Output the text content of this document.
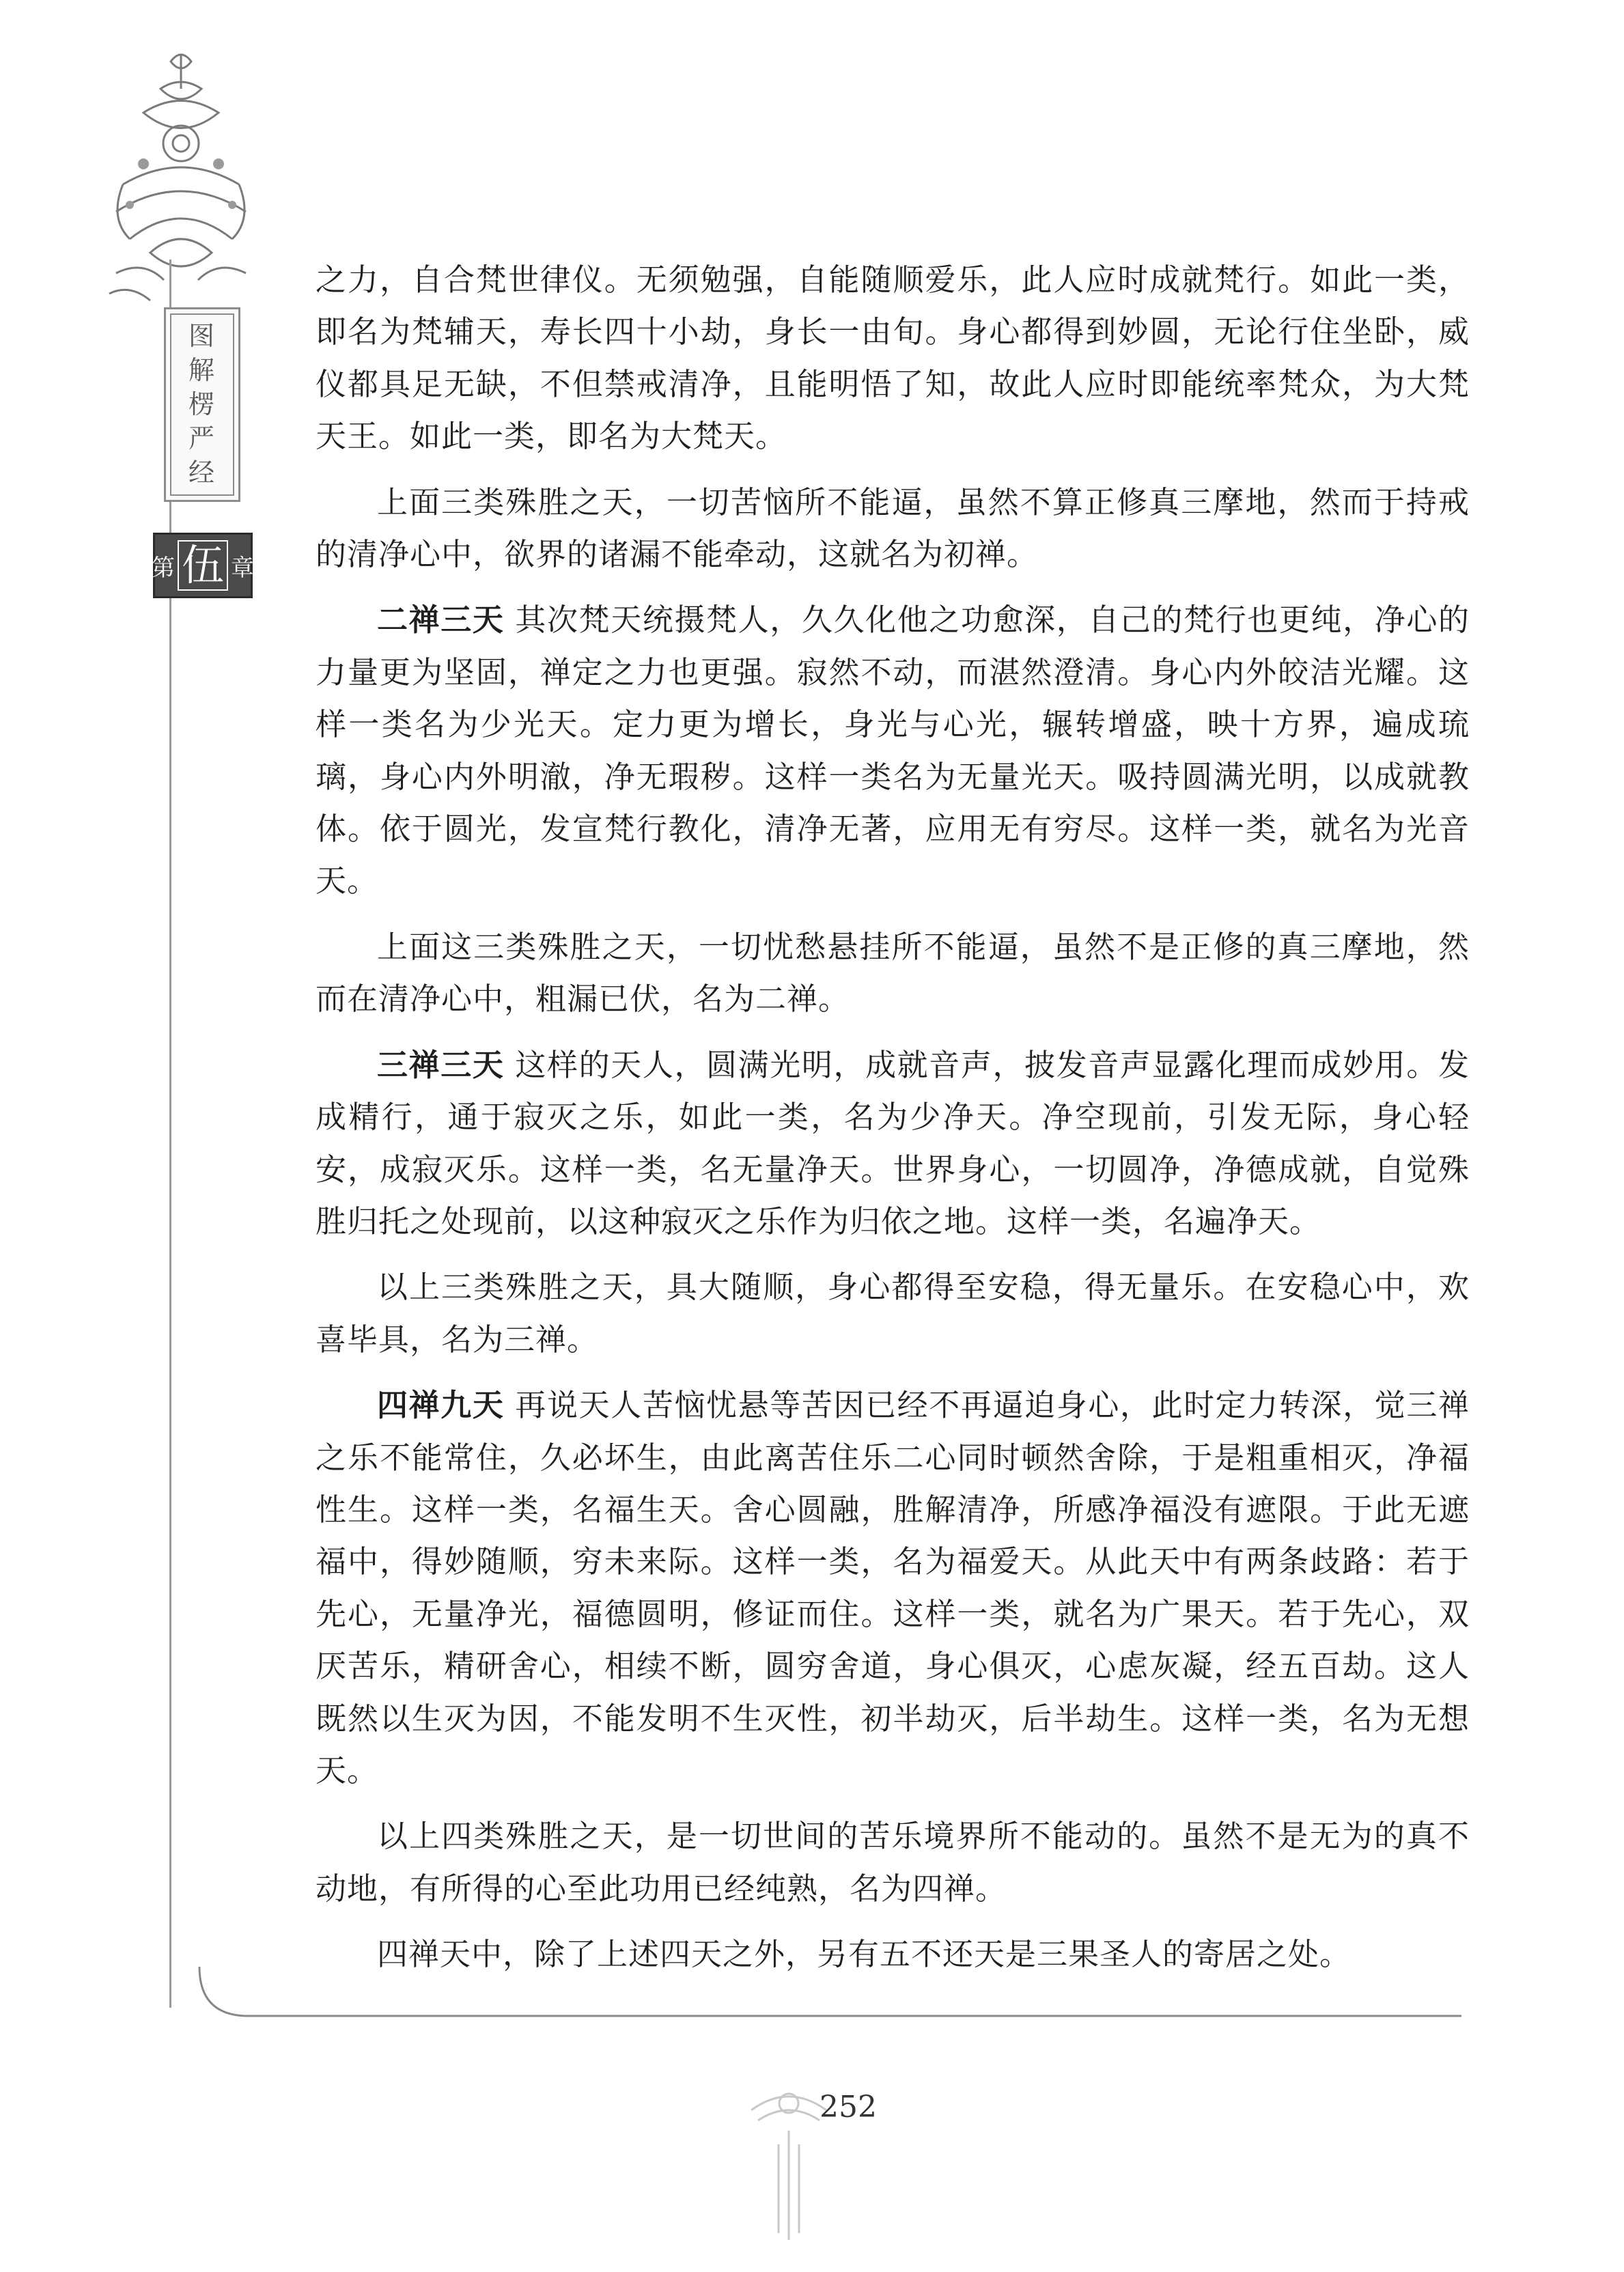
图
解
楞
严
经
第 伍 章

之力，自合梵世律仪。无须勉强，自能随顺爱乐，此人应时成就梵行。如此一类，即名为梵辅天，寿长四十小劫，身长一由旬。身心都得到妙圆，无论行住坐卧，威仪都具足无缺，不但禁戒清净，且能明悟了知，故此人应时即能统率梵众，为大梵天王。如此一类，即名为大梵天。

上面三类殊胜之天，一切苦恼所不能逼，虽然不算正修真三摩地，然而于持戒的清净心中，欲界的诸漏不能牵动，这就名为初禅。

二禅三天 其次梵天统摄梵人，久久化他之功愈深，自己的梵行也更纯，净心的力量更为坚固，禅定之力也更强。寂然不动，而湛然澄清。身心内外皎洁光耀。这样一类名为少光天。定力更为增长，身光与心光，辗转增盛，映十方界，遍成琉璃，身心内外明澈，净无瑕秽。这样一类名为无量光天。吸持圆满光明，以成就教体。依于圆光，发宣梵行教化，清净无著，应用无有穷尽。这样一类，就名为光音天。

上面这三类殊胜之天，一切忧愁悬挂所不能逼，虽然不是正修的真三摩地，然而在清净心中，粗漏已伏，名为二禅。

三禅三天 这样的天人，圆满光明，成就音声，披发音声显露化理而成妙用。发成精行，通于寂灭之乐，如此一类，名为少净天。净空现前，引发无际，身心轻安，成寂灭乐。这样一类，名无量净天。世界身心，一切圆净，净德成就，自觉殊胜归托之处现前，以这种寂灭之乐作为归依之地。这样一类，名遍净天。

以上三类殊胜之天，具大随顺，身心都得至安稳，得无量乐。在安稳心中，欢喜毕具，名为三禅。

四禅九天 再说天人苦恼忧悬等苦因已经不再逼迫身心，此时定力转深，觉三禅之乐不能常住，久必坏生，由此离苦住乐二心同时顿然舍除，于是粗重相灭，净福性生。这样一类，名福生天。舍心圆融，胜解清净，所感净福没有遮限。于此无遮福中，得妙随顺，穷未来际。这样一类，名为福爱天。从此天中有两条歧路：若于先心，无量净光，福德圆明，修证而住。这样一类，就名为广果天。若于先心，双厌苦乐，精研舍心，相续不断，圆穷舍道，身心俱灭，心虑灰凝，经五百劫。这人既然以生灭为因，不能发明不生灭性，初半劫灭，后半劫生。这样一类，名为无想天。

以上四类殊胜之天，是一切世间的苦乐境界所不能动的。虽然不是无为的真不动地，有所得的心至此功用已经纯熟，名为四禅。

四禅天中，除了上述四天之外，另有五不还天是三果圣人的寄居之处。

252
